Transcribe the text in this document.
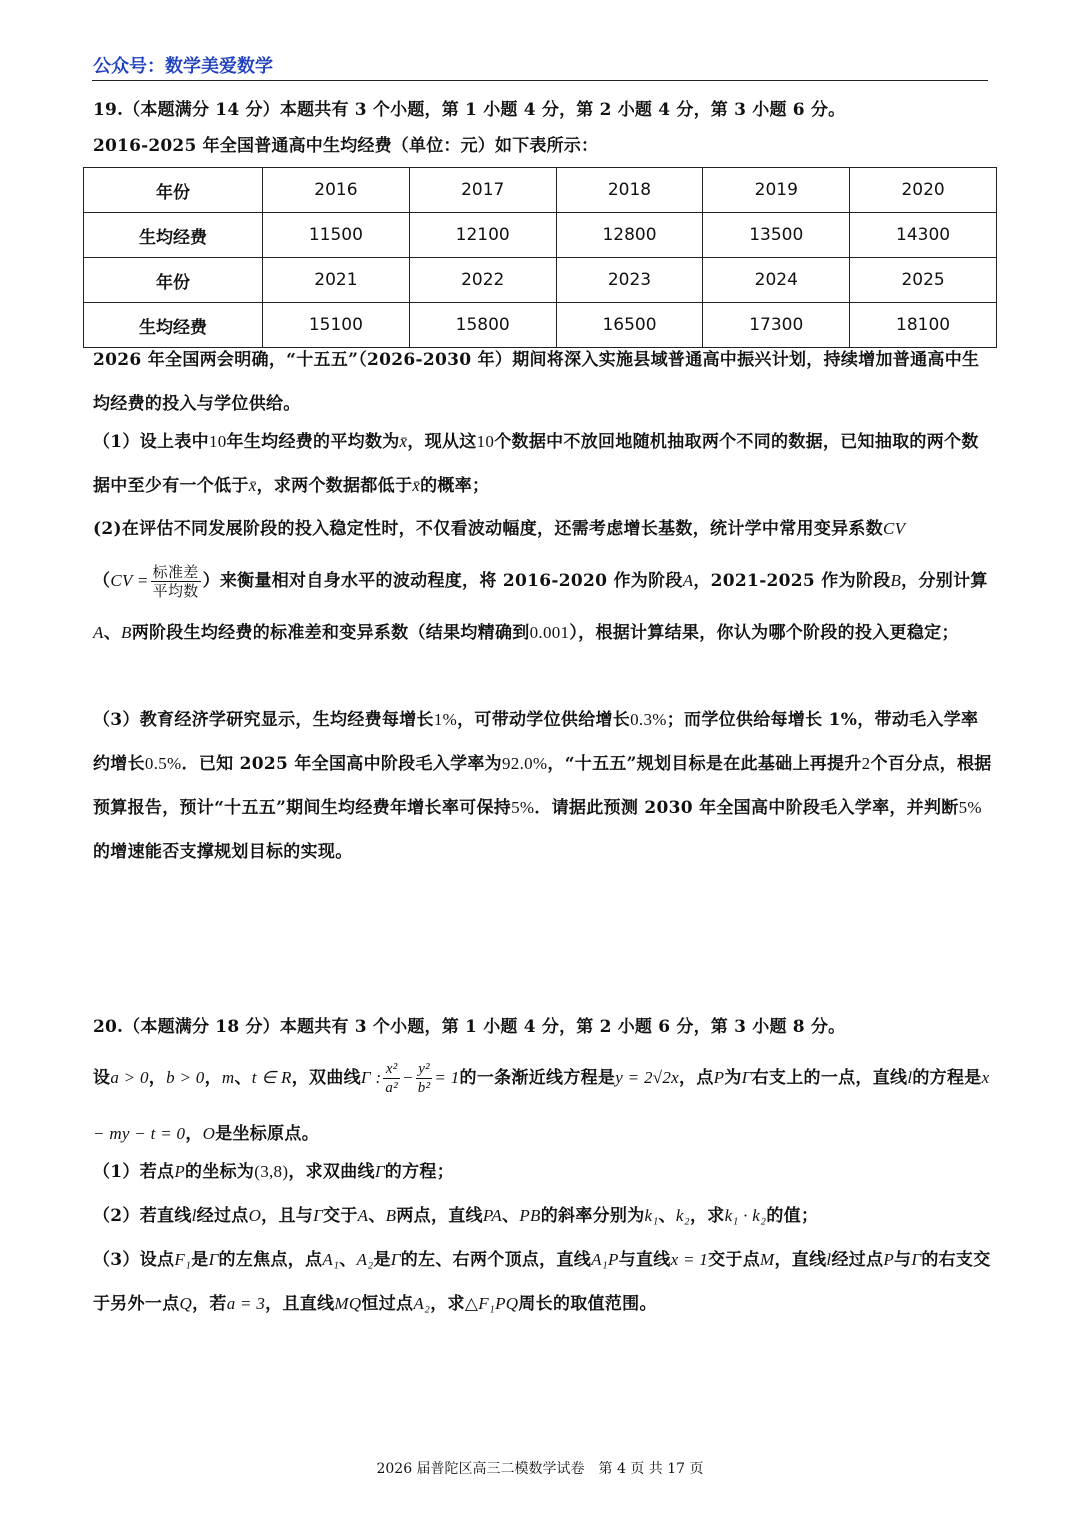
公众号：数学美爱数学
19.（本题满分 14 分）本题共有 3 个小题，第 1 小题 4 分，第 2 小题 4 分，第 3 小题 6 分。
2016-2025 年全国普通高中生均经费（单位：元）如下表所示：
年份	2016	2017	2018	2019	2020
生均经费	11500	12100	12800	13500	14300
年份	2021	2022	2023	2024	2025
生均经费	15100	15800	16500	17300	18100
2026 年全国两会明确，“十五五”（2026-2030 年）期间将深入实施县域普通高中振兴计划，持续增加普通高中生均经费的投入与学位供给。
（1）设上表中10年生均经费的平均数为x̄，现从这10个数据中不放回地随机抽取两个不同的数据，已知抽取的两个数据中至少有一个低于x̄，求两个数据都低于x̄的概率；
(2)在评估不同发展阶段的投入稳定性时，不仅看波动幅度，还需考虑增长基数，统计学中常用变异系数CV
（$CV = \frac{\text{标准差}}{\text{平均数}}$ ）来衡量相对自身水平的波动程度，将 2016-2020 作为阶段A，2021-2025 作为阶段B，分别计算A、B两阶段生均经费的标准差和变异系数（结果均精确到0.001），根据计算结果，你认为哪个阶段的投入更稳定；
（3）教育经济学研究显示，生均经费每增长1%，可带动学位供给增长0.3%；而学位供给每增长 1%，带动毛入学率约增长0.5%．已知 2025 年全国高中阶段毛入学率为92.0%，“十五五”规划目标是在此基础上再提升2个百分点，根据预算报告，预计“十五五”期间生均经费年增长率可保持5%．请据此预测 2030 年全国高中阶段毛入学率，并判断5%的增速能否支撑规划目标的实现。
20.（本题满分 18 分）本题共有 3 个小题，第 1 小题 4 分，第 2 小题 6 分，第 3 小题 8 分。
设a > 0，b > 0，m、t ∈ R，双曲线Γ : $\frac{\text{x²}}{\text{a²}} - \frac{\text{y²}}{\text{b²}} = 1$的一条渐近线方程是y = 2√2x，点P为Γ右支上的一点，直线l的方程是x − my − t = 0，O是坐标原点。
（1）若点P的坐标为(3,8)，求双曲线Γ的方程；
（2）若直线l经过点O，且与Γ交于A、B两点，直线PA、PB的斜率分别为k₁、k₂，求k₁ · k₂的值；
（3）设点F₁是Γ的左焦点，点A₁、A₂是Γ的左、右两个顶点，直线A₁P与直线x = 1交于点M，直线l经过点P与Γ的右支交于另外一点Q，若a = 3，且直线MQ恒过点A₂，求△F₁PQ周长的取值范围。
2026 届普陀区高三二模数学试卷　第 4 页 共 17 页
